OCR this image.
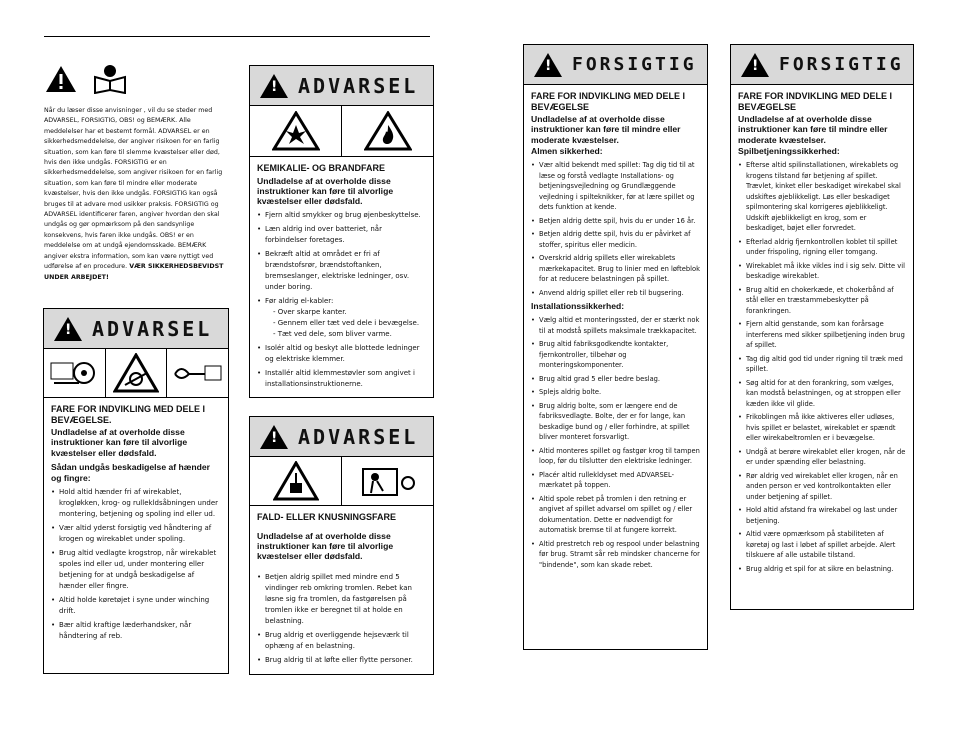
Når du læser disse anvisninger , vil du se steder med ADVARSEL, FORSIGTIG, OBS! og BEMÆRK. Alle meddelelser har et bestemt formål. ADVARSEL er en sikkerhedsmeddelelse, der angiver risikoen for en farlig situation, som kan føre til slemme kvæstelser eller død, hvis den ikke undgås. FORSIGTIG er en sikkerhedsmeddelelse, som angiver risikoen for en farlig situation, som kan føre til mindre eller moderate kvæstelser, hvis den ikke undgås. FORSIGTIG kan også bruges til at advare mod usikker praksis. FORSIGTIG og ADVARSEL identificerer faren, angiver hvordan den skal undgås og gør opmærksom på den sandsynlige konsekvens, hvis faren ikke undgås. OBS! er en meddelelse om at undgå ejendomsskade. BEMÆRK angiver ekstra information, som kan være nyttigt ved udførelse af en procedure. VÆR SIKKERHEDSBEVIDST UNDER ARBEJDET!
!
ADVARSEL
FARE FOR INDVIKLING MED DELE I BEVÆGELSE.
Undladelse af at overholde disse instruktioner kan føre til alvorlige kvæstelser eller dødsfald.
Sådan undgås beskadigelse af hænder og fingre:
• Hold altid hænder fri af wirekablet, krogløkken, krog- og rullekldsåbningen under montering, betjening og spoling ind eller ud.
• Vær altid yderst forsigtig ved håndtering af krogen og wirekablet under spoling.
• Brug altid vedlagte krogstrop, når wirekablet spoles ind eller ud, under montering eller betjening for at undgå beskadigelse af hænder eller fingre.
• Altid holde køretøjet i syne under winching drift.
• Bær altid kraftige læderhandsker, når håndtering af reb.
!
ADVARSEL
KEMIKALIE- OG BRANDFARE
Undladelse af at overholde disse instruktioner kan føre til alvorlige kvæstelser eller dødsfald.
• Fjern altid smykker og brug øjenbeskyttelse.
• Læn aldrig ind over batteriet, når forbindelser foretages.
• Bekræft altid at området er fri af brændstofsrør, brændstoftanken, bremseslanger, elektriske ledninger, osv. under boring.
• Før aldrig el-kabler:
- Over skarpe kanter.
- Gennem eller tæt ved dele i bevægelse.
- Tæt ved dele, som bliver varme.
• Isolér altid og beskyt alle blottede ledninger og elektriske klemmer.
• Installér altid klemmestøvler som angivet i installationsinstruktionerne.
!
ADVARSEL
FALD- ELLER KNUSNINGSFARE
Undladelse af at overholde disse instruktioner kan føre til alvorlige kvæstelser eller dødsfald.
• Betjen aldrig spillet med mindre end 5 vindinger reb omkring tromlen. Rebet kan løsne sig fra tromlen, da fastgørelsen på tromlen ikke er beregnet til at holde en belastning.
• Brug aldrig et overliggende hejseværk til ophæng af en belastning.
• Brug aldrig til at løfte eller flytte personer.
!
FORSIGTIG
FARE FOR INDVIKLING MED DELE I BEVÆGELSE
Undladelse af at overholde disse instruktioner kan føre til mindre eller moderate kvæstelser.
Almen sikkerhed:
• Vær altid bekendt med spillet: Tag dig tid til at læse og forstå vedlagte Installations- og betjeningsvejledning og Grundlæggende vejledning i spilteknikker, før at lære spillet og dets funktion at kende.
• Betjen aldrig dette spil, hvis du er under 16 år.
• Betjen aldrig dette spil, hvis du er påvirket af stoffer, spiritus eller medicin.
• Overskrid aldrig spillets eller wirekablets mærkekapacitet. Brug to linier med en løfteblok for at reducere belastningen på spillet.
• Anvend aldrig spillet eller reb til bugsering.
Installationssikkerhed:
• Vælg altid et monteringssted, der er stærkt nok til at modstå spillets maksimale trækkapacitet.
• Brug altid fabriksgodkendte kontakter, fjernkontroller, tilbehør og monteringskomponenter.
• Brug altid grad 5 eller bedre beslag.
• Splejs aldrig bolte.
• Brug aldrig bolte, som er længere end de fabriksvedlagte. Bolte, der er for lange, kan beskadige bund og / eller forhindre, at spillet bliver monteret forsvarligt.
• Altid monteres spillet og fastgør krog til tampen loop, før du tilslutter den elektriske ledninger.
• Placér altid rullekldyset med ADVARSEL-mærkatet på toppen.
• Altid spole rebet på tromlen i den retning er angivet af spillet advarsel om spillet og / eller dokumentation. Dette er nødvendigt for automatisk bremse til at fungere korrekt.
• Altid prestretch reb og respool under belastning før brug. Stramt sår reb mindsker chancerne for "bindende", som kan skade rebet.
!
FORSIGTIG
FARE FOR INDVIKLING MED DELE I BEVÆGELSE
Undladelse af at overholde disse instruktioner kan føre til mindre eller moderate kvæstelser.
Spilbetjeningssikkerhed:
• Efterse altid spilinstallationen, wirekablets og krogens tilstand før betjening af spillet. Trævlet, kinket eller beskadiget wirekabel skal udskiftes øjeblikkeligt. Løs eller beskadiget spilmontering skal korrigeres øjeblikkeligt. Udskift øjeblikkeligt en krog, som er beskadiget, bøjet eller forvredet.
• Efterlad aldrig fjernkontrollen koblet til spillet under frispoling, rigning eller tomgang.
• Wirekablet må ikke vikles ind i sig selv. Ditte vil beskadige wirekablet.
• Brug altid en chokerkæde, et chokerbånd af stål eller en træstammebeskytter på forankringen.
• Fjern altid genstande, som kan forårsage interferens med sikker spilbetjening inden brug af spillet.
• Tag dig altid god tid under rigning til træk med spillet.
• Søg altid for at den forankring, som vælges, kan modstå belastningen, og at stroppen eller kæden ikke vil glide.
• Frikoblingen må ikke aktiveres eller udløses, hvis spillet er belastet, wirekablet er spændt eller wirekabeltromlen er i bevægelse.
• Undgå at berøre wirekablet eller krogen, når de er under spænding eller belastning.
• Rør aldrig ved wirekablet eller krogen, når en anden person er ved kontrolkontakten eller under betjening af spillet.
• Hold altid afstand fra wirekabel og last under betjening.
• Altid være opmærksom på stabiliteten af køretøj og last i løbet af spillet arbejde. Alert tilskuere af alle ustabile tilstand.
• Brug aldrig et spil for at sikre en belastning.
